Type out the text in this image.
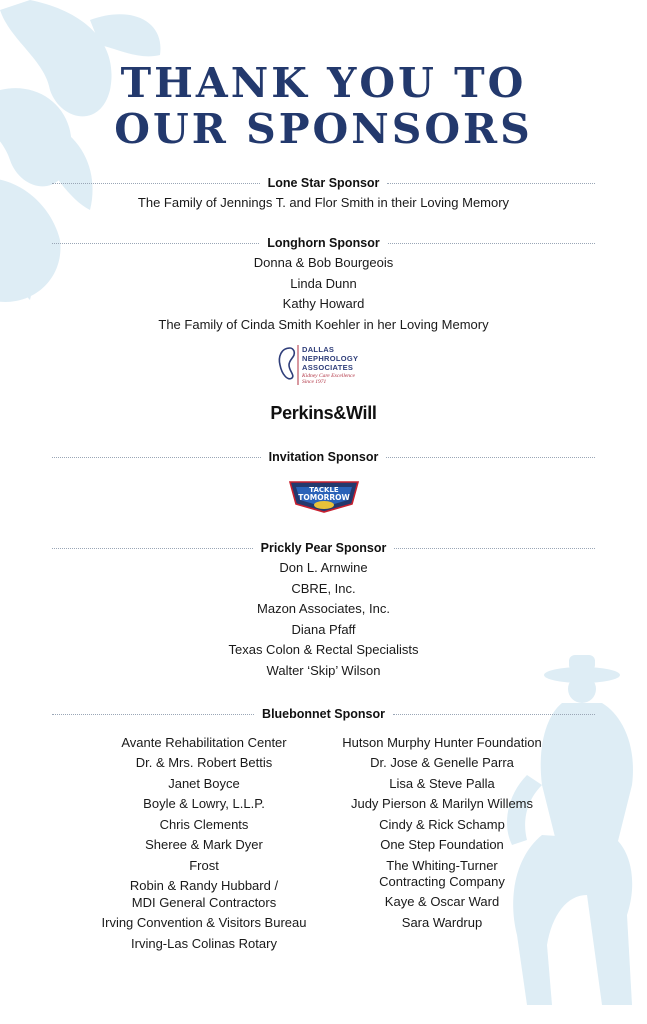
THANK YOU TO
OUR SPONSORS
Lone Star Sponsor
The Family of Jennings T. and Flor Smith in their Loving Memory
Longhorn Sponsor
Donna & Bob Bourgeois
Linda Dunn
Kathy Howard
The Family of Cinda Smith Koehler in her Loving Memory
DALLAS
NEPHROLOGY
ASSOCIATES
Kidney Care Excellence
Since 1971
Perkins&Will
Invitation Sponsor
TACKLE
TOMORROW
Prickly Pear Sponsor
Don L. Arnwine
CBRE, Inc.
Mazon Associates, Inc.
Diana Pfaff
Texas Colon & Rectal Specialists
Walter ‘Skip’ Wilson
Bluebonnet Sponsor
Avante Rehabilitation Center
Dr. & Mrs. Robert Bettis
Janet Boyce
Boyle & Lowry, L.L.P.
Chris Clements
Sheree & Mark Dyer
Frost
Robin & Randy Hubbard /
MDI General Contractors
Irving Convention & Visitors Bureau
Irving-Las Colinas Rotary
Hutson Murphy Hunter Foundation
Dr. Jose & Genelle Parra
Lisa & Steve Palla
Judy Pierson & Marilyn Willems
Cindy & Rick Schamp
One Step Foundation
The Whiting-Turner
Contracting Company
Kaye & Oscar Ward
Sara Wardrup
